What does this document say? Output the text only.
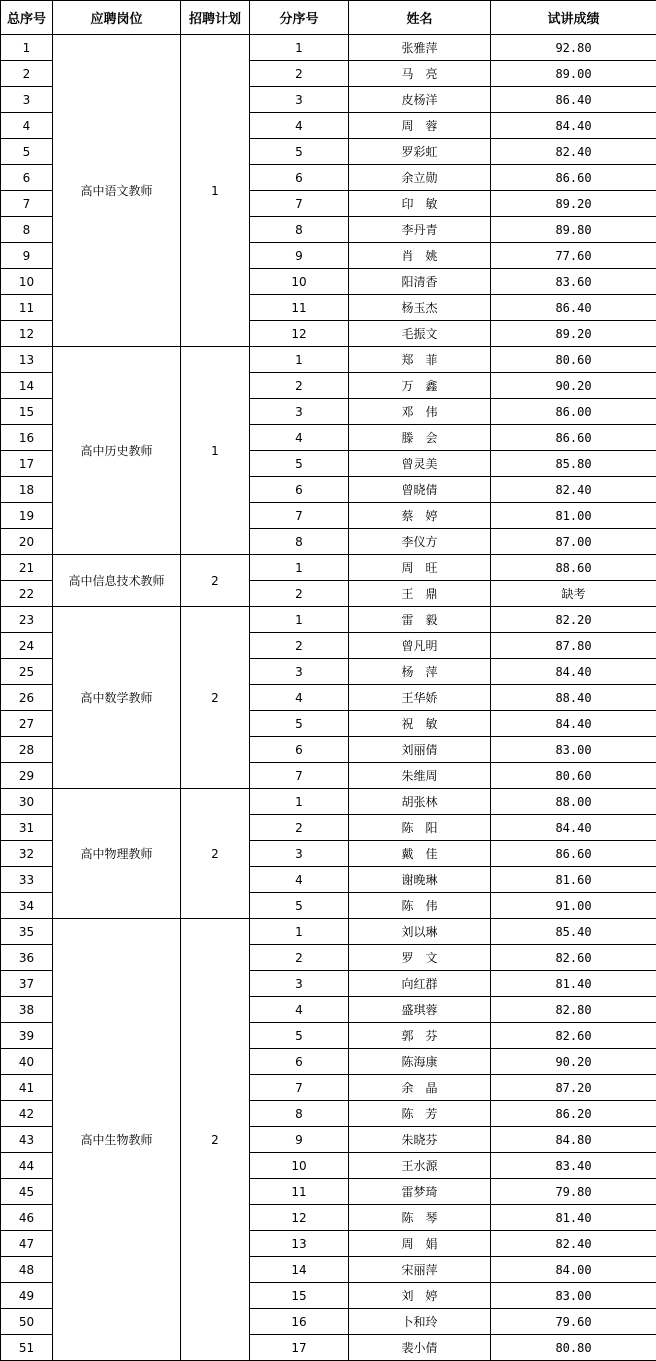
总序号	应聘岗位	招聘计划	分序号	姓名	试讲成绩
1	高中语文教师	1	1	张雅萍	92.80
2			2	马　亮	89.00
3			3	皮杨洋	86.40
4			4	周　蓉	84.40
5			5	罗彩虹	82.40
6			6	余立勋	86.60
7			7	印　敏	89.20
8			8	李丹青	89.80
9			9	肖　姚	77.60
10			10	阳清香	83.60
11			11	杨玉杰	86.40
12			12	毛振文	89.20
13	高中历史教师	1	1	郑　菲	80.60
14			2	万　鑫	90.20
15			3	邓　伟	86.00
16			4	滕　会	86.60
17			5	曾灵美	85.80
18			6	曾晓倩	82.40
19			7	蔡　婷	81.00
20			8	李仪方	87.00
21	高中信息技术教师	2	1	周　旺	88.60
22			2	王　鼎	缺考
23	高中数学教师	2	1	雷　毅	82.20
24			2	曾凡明	87.80
25			3	杨　萍	84.40
26			4	王华娇	88.40
27			5	祝　敏	84.40
28			6	刘丽倩	83.00
29			7	朱维周	80.60
30	高中物理教师	2	1	胡张林	88.00
31			2	陈　阳	84.40
32			3	戴　佳	86.60
33			4	谢晚琳	81.60
34			5	陈　伟	91.00
35	高中生物教师	2	1	刘以琳	85.40
36			2	罗　文	82.60
37			3	向红群	81.40
38			4	盛琪蓉	82.80
39			5	郭　芬	82.60
40			6	陈海康	90.20
41			7	余　晶	87.20
42			8	陈　芳	86.20
43			9	朱晓芬	84.80
44			10	王水源	83.40
45			11	雷梦琦	79.80
46			12	陈　琴	81.40
47			13	周　娟	82.40
48			14	宋丽萍	84.00
49			15	刘　婷	83.00
50			16	卜和玲	79.60
51			17	裴小倩	80.80
